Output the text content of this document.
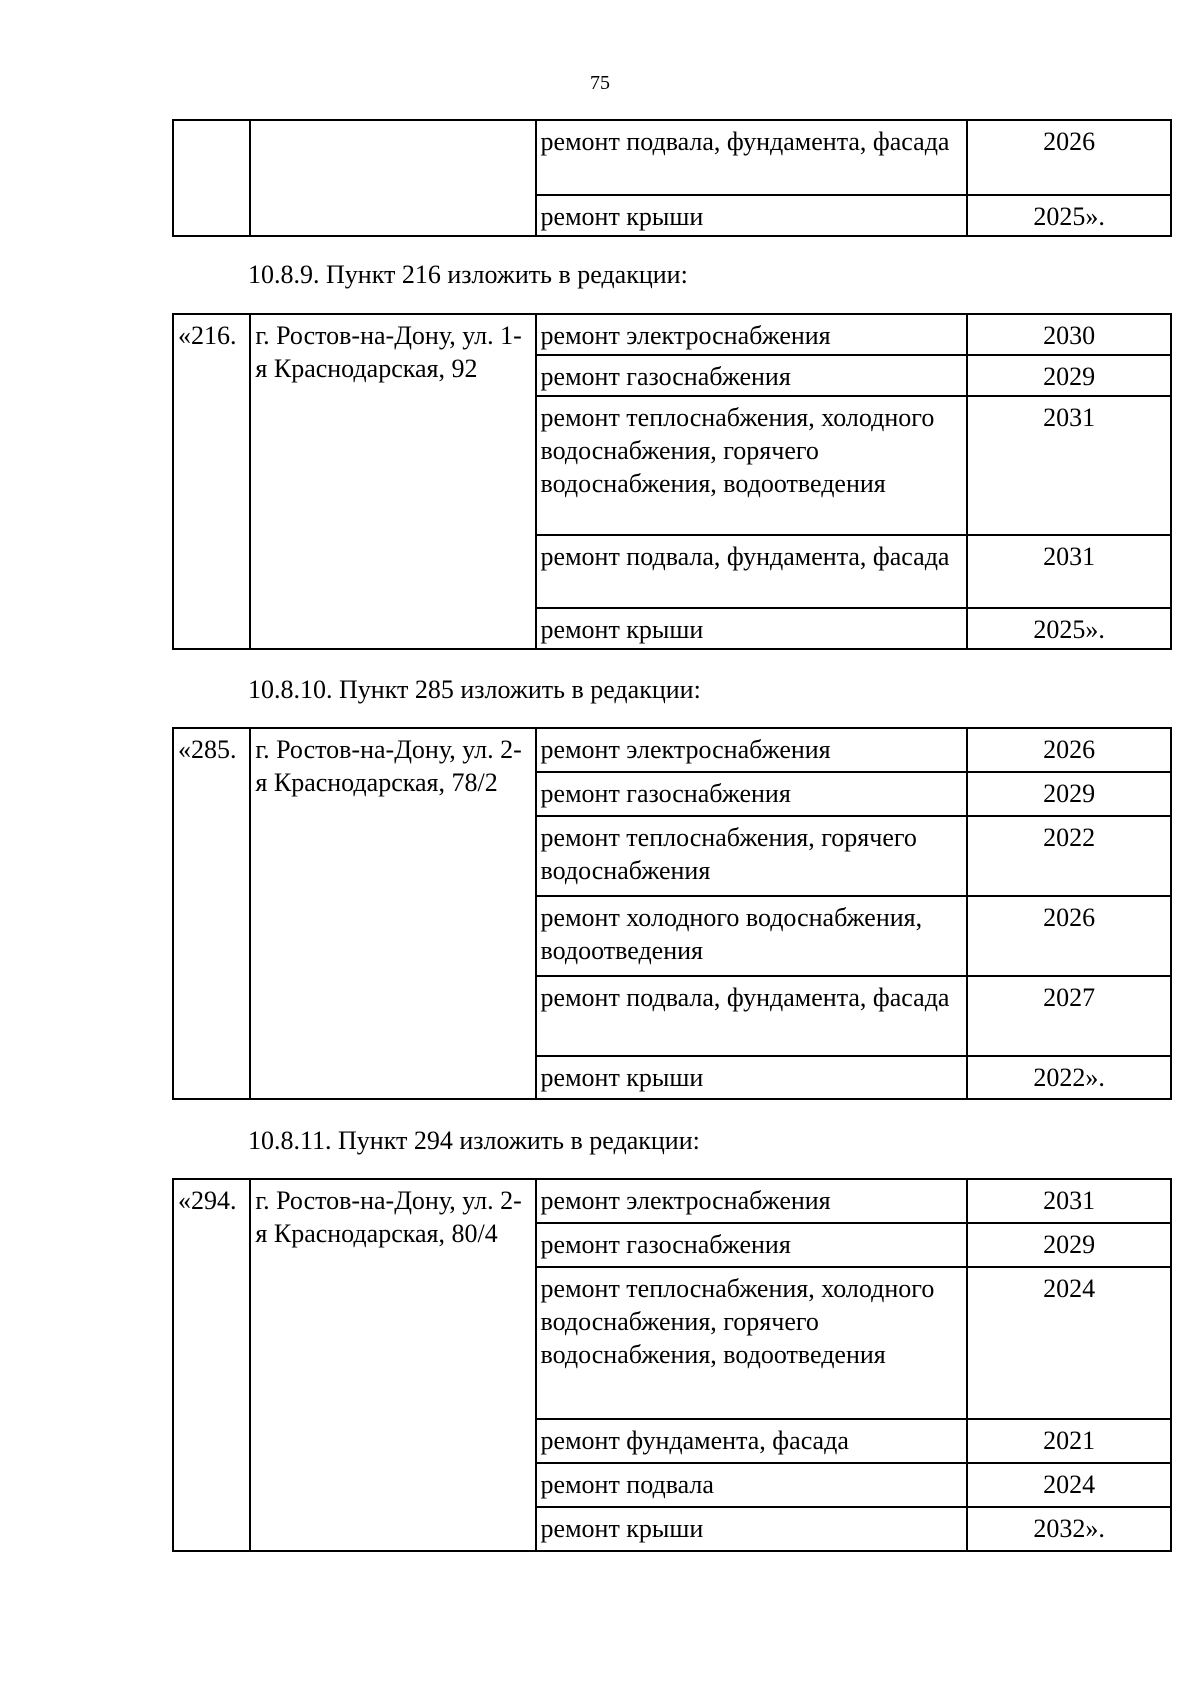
75
		ремонт подвала, фундамента, фасада	2026
		ремонт крыши	2025».
10.8.9. Пункт 216 изложить в редакции:
«216.	г. Ростов-на-Дону, ул. 1-я Краснодарская, 92	ремонт электроснабжения	2030
		ремонт газоснабжения	2029
		ремонт теплоснабжения, холодного водоснабжения, горячего водоснабжения, водоотведения	2031
		ремонт подвала, фундамента, фасада	2031
		ремонт крыши	2025».
10.8.10. Пункт 285 изложить в редакции:
«285.	г. Ростов-на-Дону, ул. 2-я Краснодарская, 78/2	ремонт электроснабжения	2026
		ремонт газоснабжения	2029
		ремонт теплоснабжения, горячего водоснабжения	2022
		ремонт холодного водоснабжения, водоотведения	2026
		ремонт подвала, фундамента, фасада	2027
		ремонт крыши	2022».
10.8.11. Пункт 294 изложить в редакции:
«294.	г. Ростов-на-Дону, ул. 2-я Краснодарская, 80/4	ремонт электроснабжения	2031
		ремонт газоснабжения	2029
		ремонт теплоснабжения, холодного водоснабжения, горячего водоснабжения, водоотведения	2024
		ремонт фундамента, фасада	2021
		ремонт подвала	2024
		ремонт крыши	2032».
